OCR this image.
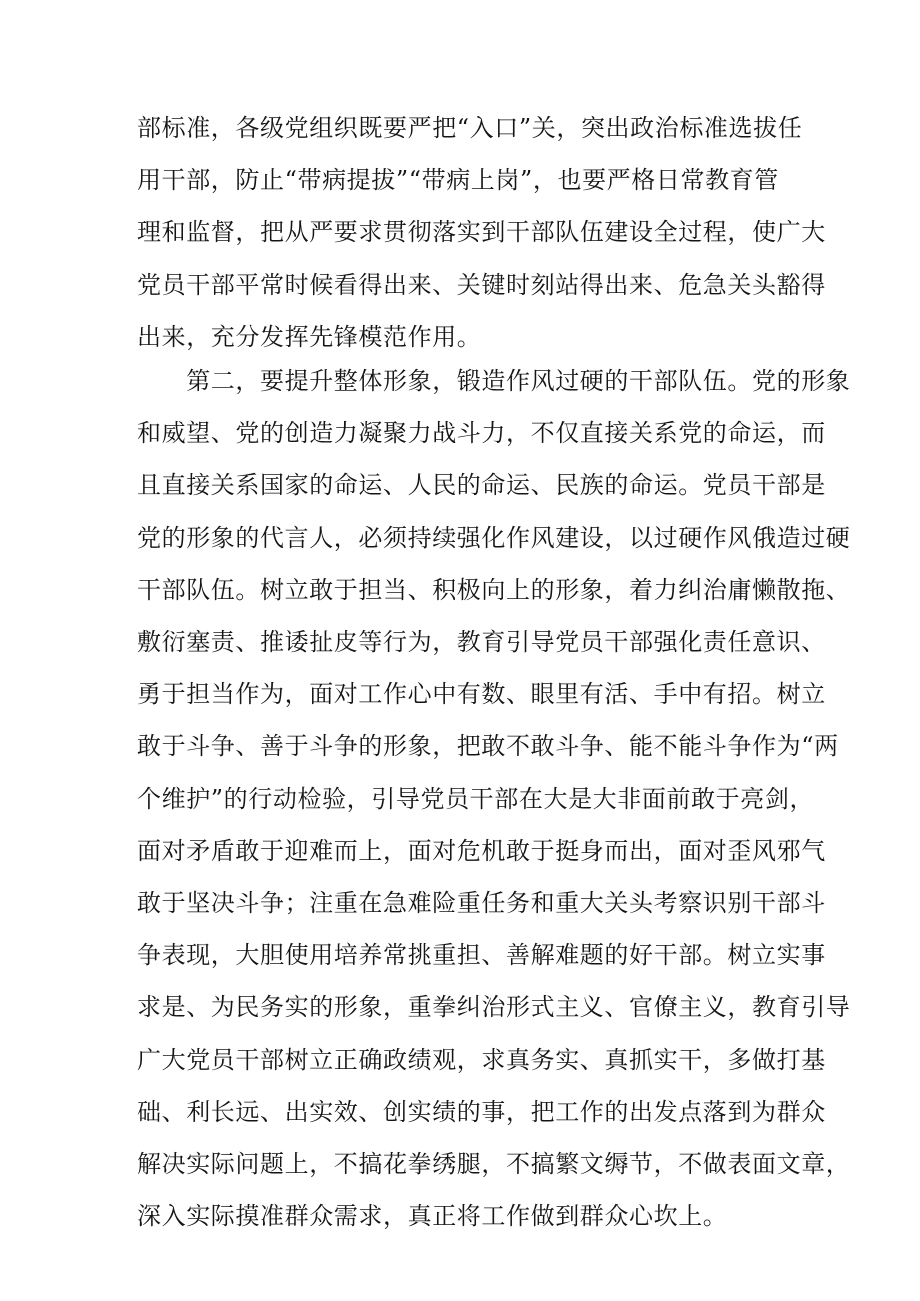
部标准，各级党组织既要严把“入口”关，突出政治标准选拔任
用干部，防止“带病提拔”“带病上岗”，也要严格日常教育管
理和监督，把从严要求贯彻落实到干部队伍建设全过程，使广大
党员干部平常时候看得出来、关键时刻站得出来、危急关头豁得
出来，充分发挥先锋模范作用。

　　第二，要提升整体形象，锻造作风过硬的干部队伍。党的形象
和威望、党的创造力凝聚力战斗力，不仅直接关系党的命运，而
且直接关系国家的命运、人民的命运、民族的命运。党员干部是
党的形象的代言人，必须持续强化作风建设，以过硬作风俄造过硬
干部队伍。树立敢于担当、积极向上的形象，着力纠治庸懒散拖、
敷衍塞责、推诿扯皮等行为，教育引导党员干部强化责任意识、
勇于担当作为，面对工作心中有数、眼里有活、手中有招。树立
敢于斗争、善于斗争的形象，把敢不敢斗争、能不能斗争作为“两
个维护”的行动检验，引导党员干部在大是大非面前敢于亮剑，
面对矛盾敢于迎难而上，面对危机敢于挺身而出，面对歪风邪气
敢于坚决斗争；注重在急难险重任务和重大关头考察识别干部斗
争表现，大胆使用培养常挑重担、善解难题的好干部。树立实事
求是、为民务实的形象，重拳纠治形式主义、官僚主义，教育引导
广大党员干部树立正确政绩观，求真务实、真抓实干，多做打基
础、利长远、出实效、创实绩的事，把工作的出发点落到为群众
解决实际问题上，不搞花拳绣腿，不搞繁文缛节，不做表面文章，
深入实际摸准群众需求，真正将工作做到群众心坎上。
